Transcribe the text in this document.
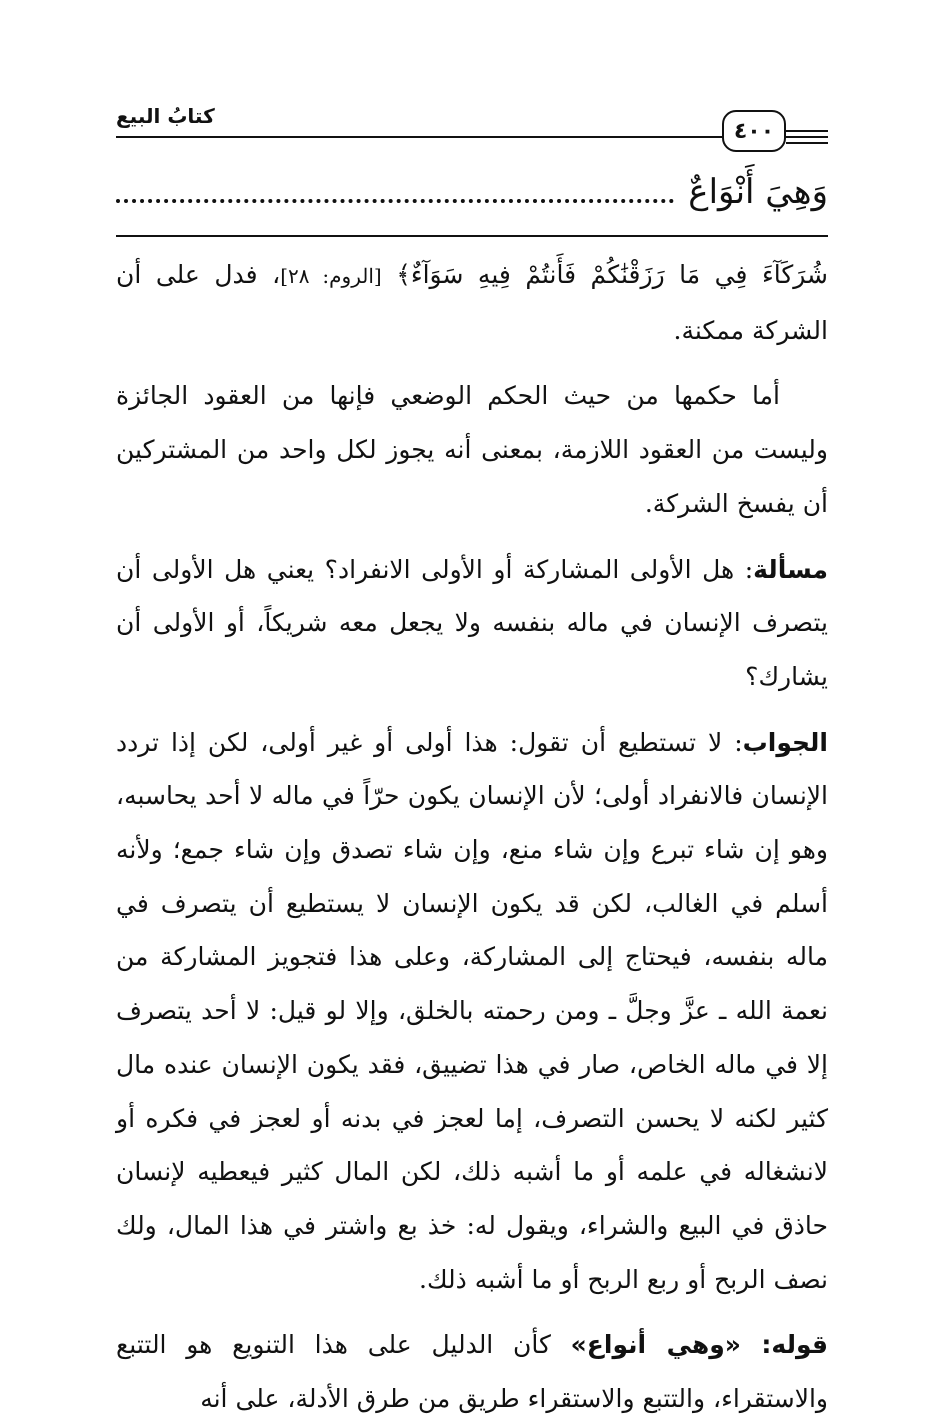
كتابُ البيع
٤٠٠
وَهِيَ أَنْوَاعٌ

شُرَكَآءَ فِي مَا رَزَقْنَٰكُمْ فَأَنتُمْ فِيهِ سَوَآءٌ﴾ [الروم: ٢٨]، فدل على أن الشركة ممكنة.

أما حكمها من حيث الحكم الوضعي فإنها من العقود الجائزة وليست من العقود اللازمة، بمعنى أنه يجوز لكل واحد من المشتركين أن يفسخ الشركة.

مسألة: هل الأولى المشاركة أو الأولى الانفراد؟ يعني هل الأولى أن يتصرف الإنسان في ماله بنفسه ولا يجعل معه شريكاً، أو الأولى أن يشارك؟

الجواب: لا تستطيع أن تقول: هذا أولى أو غير أولى، لكن إذا تردد الإنسان فالانفراد أولى؛ لأن الإنسان يكون حرّاً في ماله لا أحد يحاسبه، وهو إن شاء تبرع وإن شاء منع، وإن شاء تصدق وإن شاء جمع؛ ولأنه أسلم في الغالب، لكن قد يكون الإنسان لا يستطيع أن يتصرف في ماله بنفسه، فيحتاج إلى المشاركة، وعلى هذا فتجويز المشاركة من نعمة الله ـ عزَّ وجلَّ ـ ومن رحمته بالخلق، وإلا لو قيل: لا أحد يتصرف إلا في ماله الخاص، صار في هذا تضييق، فقد يكون الإنسان عنده مال كثير لكنه لا يحسن التصرف، إما لعجز في بدنه أو لعجز في فكره أو لانشغاله في علمه أو ما أشبه ذلك، لكن المال كثير فيعطيه لإنسان حاذق في البيع والشراء، ويقول له: خذ بع واشتر في هذا المال، ولك نصف الربح أو ربع الربح أو ما أشبه ذلك.

قوله: «وهي أنواع» كأن الدليل على هذا التنويع هو التتبع والاستقراء، والتتبع والاستقراء طريق من طرق الأدلة، على أنه
